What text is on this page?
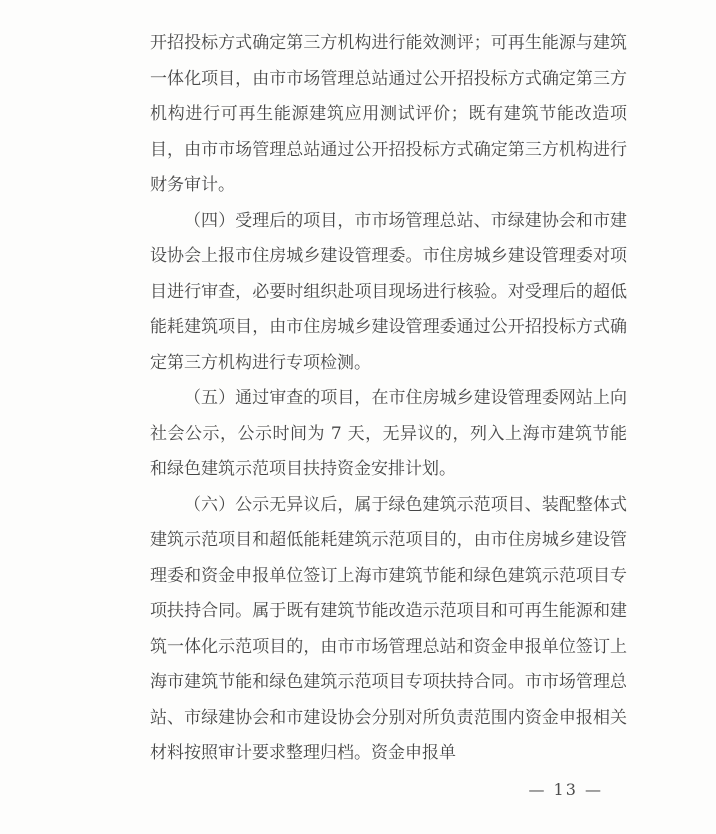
开招投标方式确定第三方机构进行能效测评；可再生能源与建筑一体化项目，由市市场管理总站通过公开招投标方式确定第三方机构进行可再生能源建筑应用测试评价；既有建筑节能改造项目，由市市场管理总站通过公开招投标方式确定第三方机构进行财务审计。

（四）受理后的项目，市市场管理总站、市绿建协会和市建设协会上报市住房城乡建设管理委。市住房城乡建设管理委对项目进行审查，必要时组织赴项目现场进行核验。对受理后的超低能耗建筑项目，由市住房城乡建设管理委通过公开招投标方式确定第三方机构进行专项检测。

（五）通过审查的项目，在市住房城乡建设管理委网站上向社会公示，公示时间为 7 天，无异议的，列入上海市建筑节能和绿色建筑示范项目扶持资金安排计划。

（六）公示无异议后，属于绿色建筑示范项目、装配整体式建筑示范项目和超低能耗建筑示范项目的，由市住房城乡建设管理委和资金申报单位签订上海市建筑节能和绿色建筑示范项目专项扶持合同。属于既有建筑节能改造示范项目和可再生能源和建筑一体化示范项目的，由市市场管理总站和资金申报单位签订上海市建筑节能和绿色建筑示范项目专项扶持合同。市市场管理总站、市绿建协会和市建设协会分别对所负责范围内资金申报相关材料按照审计要求整理归档。资金申报单

— 13 —
